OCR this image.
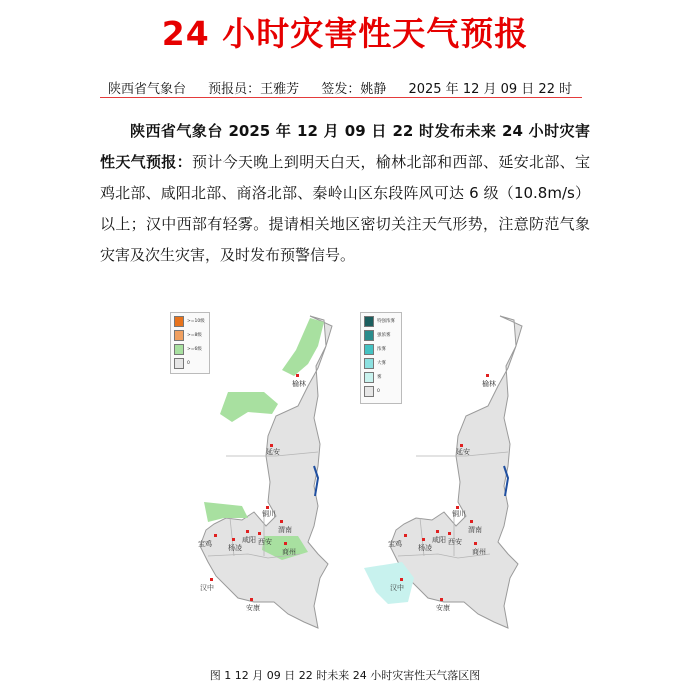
24 小时灾害性天气预报
陕西省气象台 预报员：王雅芳 签发：姚静 2025 年 12 月 09 日 22 时
陕西省气象台 2025 年 12 月 09 日 22 时发布未来 24 小时灾害性天气预报：预计今天晚上到明天白天，榆林北部和西部、延安北部、宝鸡北部、咸阳北部、商洛北部、秦岭山区东段阵风可达 6 级（10.8m/s）以上；汉中西部有轻雾。提请相关地区密切关注天气形势，注意防范气象灾害及次生灾害，及时发布预警信号。
榆林
延安
铜川
宝鸡 杨凌
咸阳 西安
渭南
商州
汉中
安康
>=10级
>=8级
>=6级
0
榆林
延安
铜川
宝鸡 杨凌
咸阳 西安
渭南
商州
汉中
安康
特强浓雾
强浓雾
浓雾
大雾
雾
0
图 1 12 月 09 日 22 时未来 24 小时灾害性天气落区图
